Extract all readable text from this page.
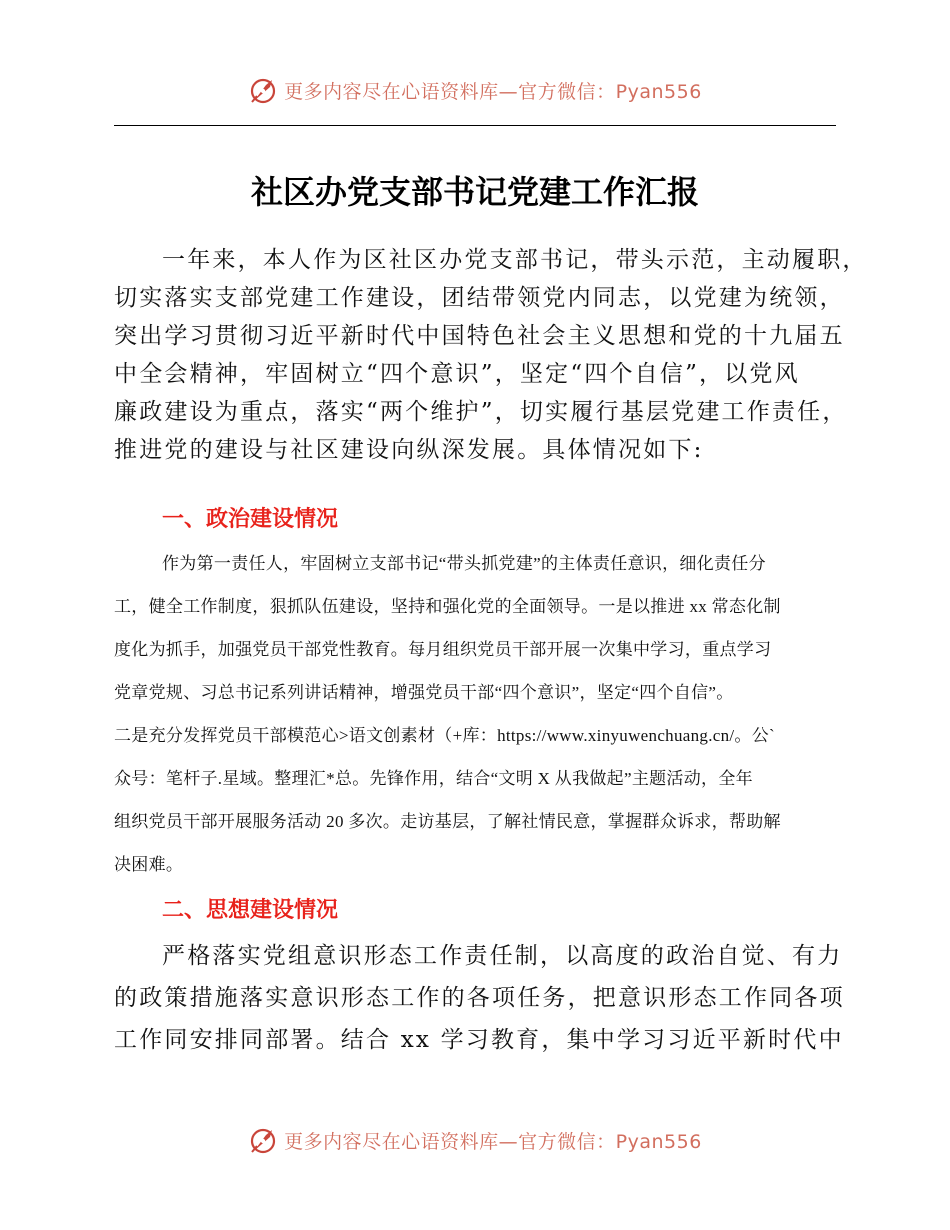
更多内容尽在心语资料库—官方微信：Pyan556
社区办党支部书记党建工作汇报
一年来，本人作为区社区办党支部书记，带头示范，主动履职，
切实落实支部党建工作建设，团结带领党内同志，以党建为统领，
突出学习贯彻习近平新时代中国特色社会主义思想和党的十九届五
中全会精神，牢固树立“四个意识”，坚定“四个自信”，以党风
廉政建设为重点，落实“两个维护”，切实履行基层党建工作责任，
推进党的建设与社区建设向纵深发展。具体情况如下:
一、政治建设情况
作为第一责任人，牢固树立支部书记“带头抓党建”的主体责任意识，细化责任分
工，健全工作制度，狠抓队伍建设，坚持和强化党的全面领导。一是以推进 xx 常态化制
度化为抓手，加强党员干部党性教育。每月组织党员干部开展一次集中学习，重点学习
党章党规、习总书记系列讲话精神，增强党员干部“四个意识”，坚定“四个自信”。
二是充分发挥党员干部模范心>语文创素材（+库：https://www.xinyuwenchuang.cn/。公`
众号：笔杆子.星域。整理汇*总。先锋作用，结合“文明 X 从我做起”主题活动，全年
组织党员干部开展服务活动 20 多次。走访基层，了解社情民意，掌握群众诉求，帮助解
决困难。
二、思想建设情况
严格落实党组意识形态工作责任制，以高度的政治自觉、有力
的政策措施落实意识形态工作的各项任务，把意识形态工作同各项
工作同安排同部署。结合 xx 学习教育，集中学习习近平新时代中
更多内容尽在心语资料库—官方微信：Pyan556
